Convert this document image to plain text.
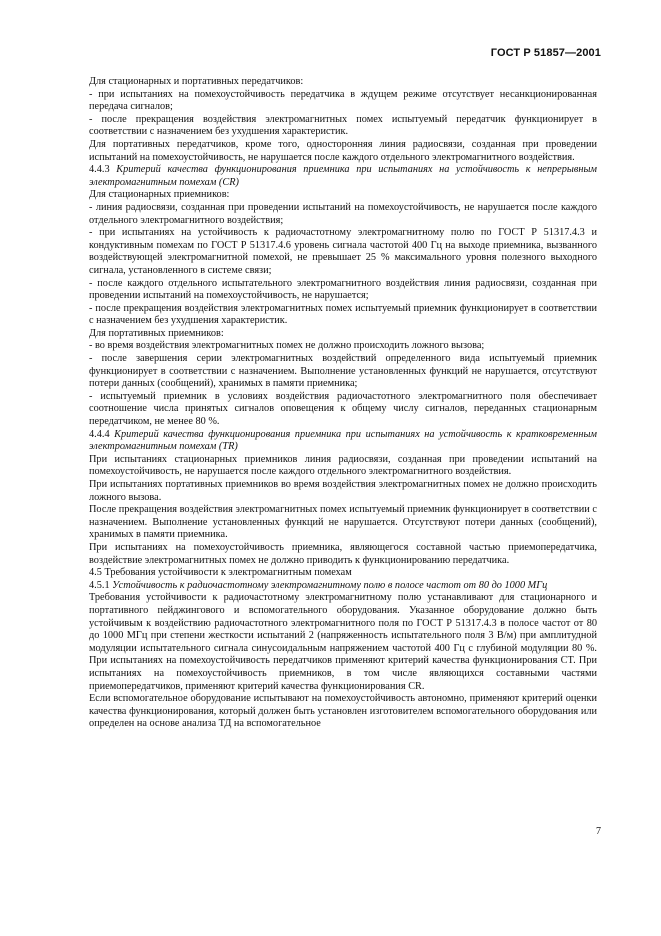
ГОСТ Р 51857—2001

Для стационарных и портативных передатчиков:

- при испытаниях на помехоустойчивость передатчика в ждущем режиме отсутствует несанкционированная передача сигналов;

- после прекращения воздействия электромагнитных помех испытуемый передатчик функционирует в соответствии с назначением без ухудшения характеристик.

Для портативных передатчиков, кроме того, односторонняя линия радиосвязи, созданная при проведении испытаний на помехоустойчивость, не нарушается после каждого отдельного электромагнитного воздействия.

4.4.3 Критерий качества функционирования приемника при испытаниях на устойчивость к непрерывным электромагнитным помехам (CR)

Для стационарных приемников:

- линия радиосвязи, созданная при проведении испытаний на помехоустойчивость, не нарушается после каждого отдельного электромагнитного воздействия;

- при испытаниях на устойчивость к радиочастотному электромагнитному полю по ГОСТ Р 51317.4.3 и кондуктивным помехам по ГОСТ Р 51317.4.6 уровень сигнала частотой 400 Гц на выходе приемника, вызванного воздействующей электромагнитной помехой, не превышает 25 % максимального уровня полезного выходного сигнала, установленного в системе связи;

- после каждого отдельного испытательного электромагнитного воздействия линия радиосвязи, созданная при проведении испытаний на помехоустойчивость, не нарушается;

- после прекращения воздействия электромагнитных помех испытуемый приемник функционирует в соответствии с назначением без ухудшения характеристик.

Для портативных приемников:

- во время воздействия электромагнитных помех не должно происходить ложного вызова;

- после завершения серии электромагнитных воздействий определенного вида испытуемый приемник функционирует в соответствии с назначением. Выполнение установленных функций не нарушается, отсутствуют потери данных (сообщений), хранимых в памяти приемника;

- испытуемый приемник в условиях воздействия радиочастотного электромагнитного поля обеспечивает соотношение числа принятых сигналов оповещения к общему числу сигналов, переданных стационарным передатчиком, не менее 80 %.

4.4.4 Критерий качества функционирования приемника при испытаниях на устойчивость к кратковременным электромагнитным помехам (TR)

При испытаниях стационарных приемников линия радиосвязи, созданная при проведении испытаний на помехоустойчивость, не нарушается после каждого отдельного электромагнитного воздействия.

При испытаниях портативных приемников во время воздействия электромагнитных помех не должно происходить ложного вызова.

После прекращения воздействия электромагнитных помех испытуемый приемник функционирует в соответствии с назначением. Выполнение установленных функций не нарушается. Отсутствуют потери данных (сообщений), хранимых в памяти приемника.

При испытаниях на помехоустойчивость приемника, являющегося составной частью приемопередатчика, воздействие электромагнитных помех не должно приводить к функционированию передатчика.

4.5 Требования устойчивости к электромагнитным помехам

4.5.1 Устойчивость к радиочастотному электромагнитному полю в полосе частот от 80 до 1000 МГц

Требования устойчивости к радиочастотному электромагнитному полю устанавливают для стационарного и портативного пейджингового и вспомогательного оборудования. Указанное оборудование должно быть устойчивым к воздействию радиочастотного электромагнитного поля по ГОСТ Р 51317.4.3 в полосе частот от 80 до 1000 МГц при степени жесткости испытаний 2 (напряженность испытательного поля 3 В/м) при амплитудной модуляции испытательного сигнала синусоидальным напряжением частотой 400 Гц с глубиной модуляции 80 %. При испытаниях на помехоустойчивость передатчиков применяют критерий качества функционирования CT. При испытаниях на помехоустойчивость приемников, в том числе являющихся составными частями приемопередатчиков, применяют критерий качества функционирования CR.

Если вспомогательное оборудование испытывают на помехоустойчивость автономно, применяют критерий оценки качества функционирования, который должен быть установлен изготовителем вспомогательного оборудования или определен на основе анализа ТД на вспомогательное

7
